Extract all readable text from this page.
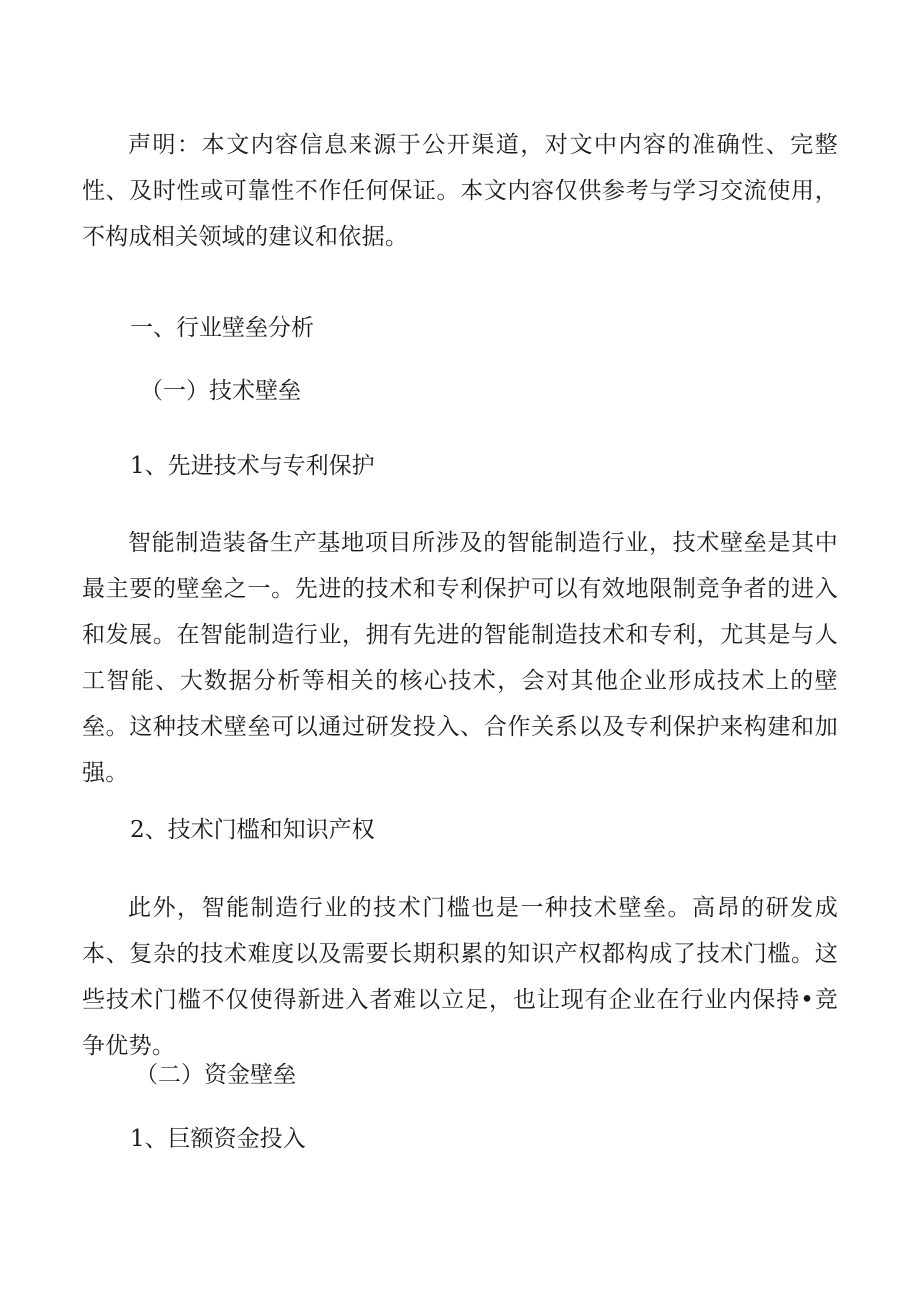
声明：本文内容信息来源于公开渠道，对文中内容的准确性、完整性、及时性或可靠性不作任何保证。本文内容仅供参考与学习交流使用，不构成相关领域的建议和依据。

一、行业壁垒分析
（一）技术壁垒
1、先进技术与专利保护

智能制造装备生产基地项目所涉及的智能制造行业，技术壁垒是其中最主要的壁垒之一。先进的技术和专利保护可以有效地限制竞争者的进入和发展。在智能制造行业，拥有先进的智能制造技术和专利，尤其是与人工智能、大数据分析等相关的核心技术，会对其他企业形成技术上的壁垒。这种技术壁垒可以通过研发投入、合作关系以及专利保护来构建和加强。

2、技术门槛和知识产权

此外，智能制造行业的技术门槛也是一种技术壁垒。高昂的研发成本、复杂的技术难度以及需要长期积累的知识产权都构成了技术门槛。这些技术门槛不仅使得新进入者难以立足，也让现有企业在行业内保持•竞争优势。

（二）资金壁垒
1、巨额资金投入
